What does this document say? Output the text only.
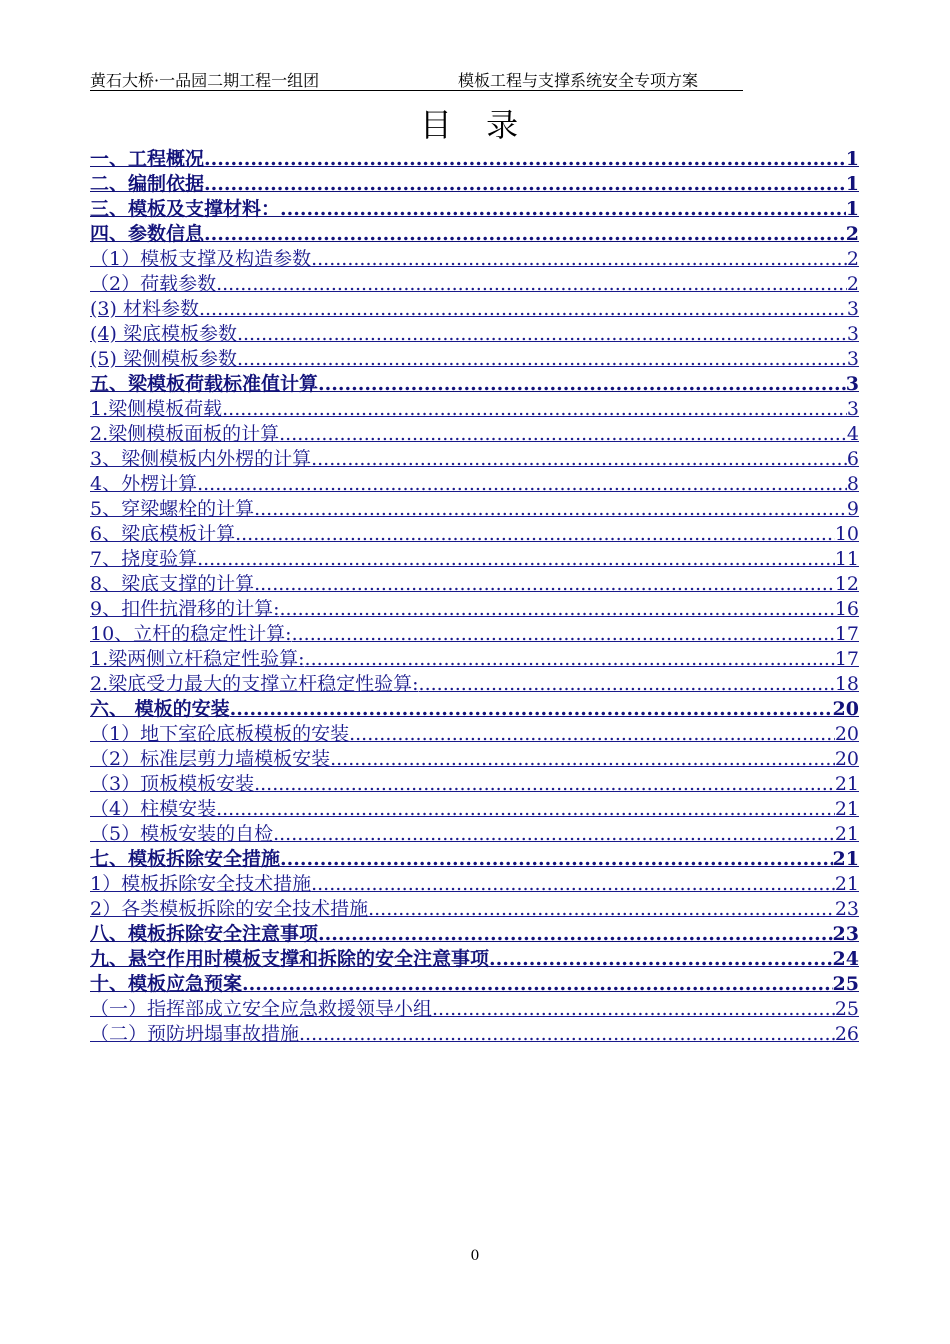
黄石大桥·一品园二期工程一组团	模板工程与支撑系统安全专项方案
目 录
一、工程概况 .....	1
二、编制依据 .....	1
三、模板及支撑材料： .....	1
四、参数信息 .....	2
（1）模板支撑及构造参数 .....	2
（2）荷载参数 .....	2
(3) 材料参数 .....	3
(4) 梁底模板参数 .....	3
(5) 梁侧模板参数 .....	3
五、梁模板荷载标准值计算 .....	3
1.梁侧模板荷载 .....	3
2.梁侧模板面板的计算 .....	4
3、梁侧模板内外楞的计算 .....	6
4、外楞计算 .....	8
5、穿梁螺栓的计算 .....	9
6、梁底模板计算 .....	10
7、挠度验算 .....	11
8、梁底支撑的计算 .....	12
9、扣件抗滑移的计算: .....	16
10、立杆的稳定性计算: .....	17
1.梁两侧立杆稳定性验算: .....	17
2.梁底受力最大的支撑立杆稳定性验算: .....	18
六、 模板的安装 .....	20
（1）地下室砼底板模板的安装 .....	20
（2）标准层剪力墙模板安装 .....	20
（3）顶板模板安装 .....	21
（4）柱模安装 .....	21
（5）模板安装的自检 .....	21
七、模板拆除安全措施 .....	21
1）模板拆除安全技术措施 .....	21
2）各类模板拆除的安全技术措施 .....	23
八、模板拆除安全注意事项 .....	23
九、悬空作用时模板支撑和拆除的安全注意事项 .....	24
十、模板应急预案 .....	25
（一）指挥部成立安全应急救援领导小组 .....	25
（二）预防坍塌事故措施 .....	26
0
